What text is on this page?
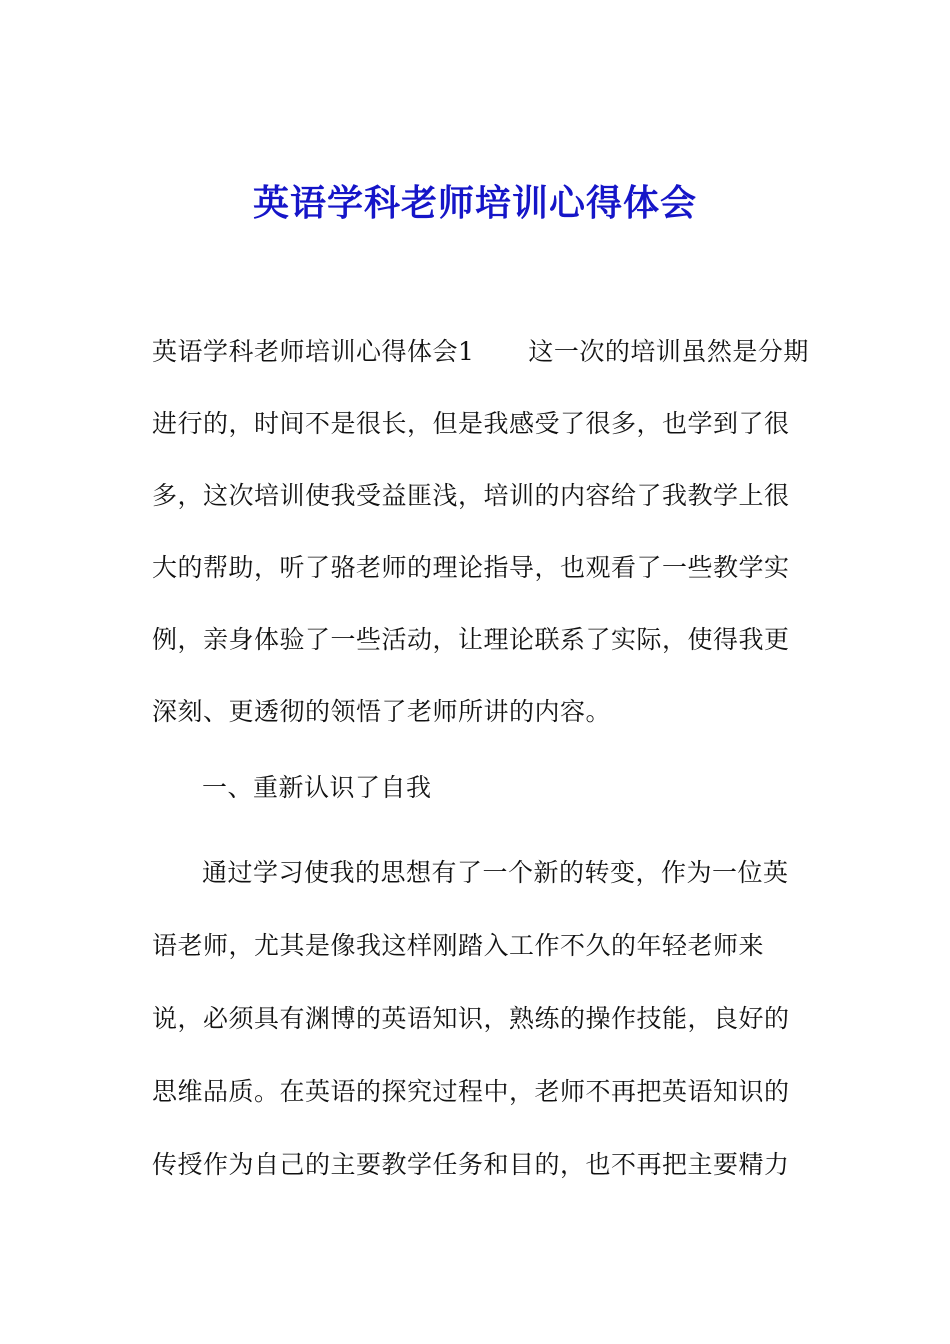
英语学科老师培训心得体会
英语学科老师培训心得体会1 这一次的培训虽然是分期
进行的，时间不是很长，但是我感受了很多，也学到了很
多，这次培训使我受益匪浅，培训的内容给了我教学上很
大的帮助，听了骆老师的理论指导，也观看了一些教学实
例，亲身体验了一些活动，让理论联系了实际，使得我更
深刻、更透彻的领悟了老师所讲的内容。
一、重新认识了自我
通过学习使我的思想有了一个新的转变，作为一位英
语老师，尤其是像我这样刚踏入工作不久的年轻老师来
说，必须具有渊博的英语知识，熟练的操作技能，良好的
思维品质。在英语的探究过程中，老师不再把英语知识的
传授作为自己的主要教学任务和目的，也不再把主要精力
